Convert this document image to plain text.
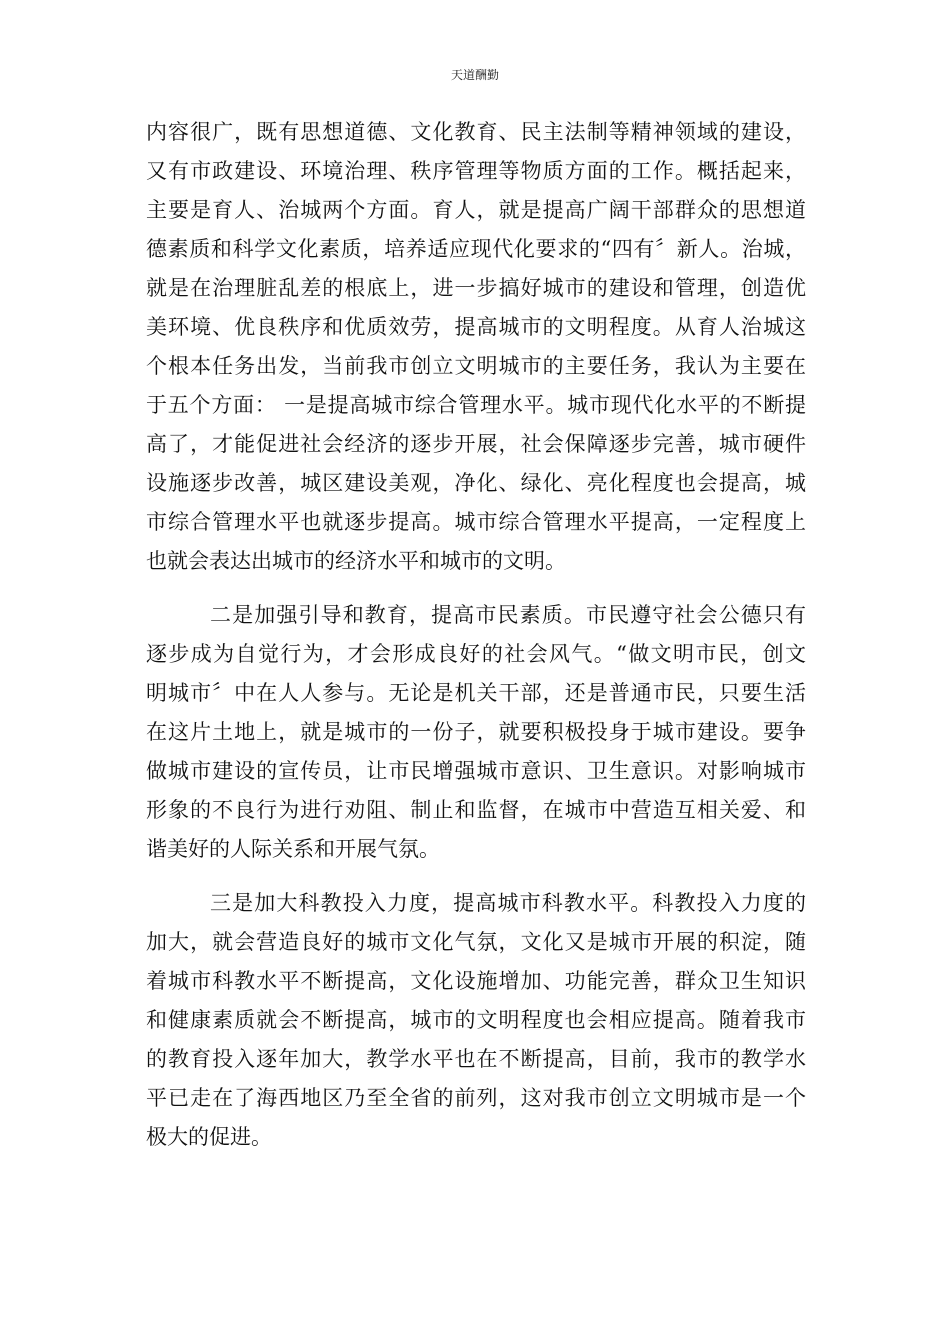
天道酬勤
内容很广，既有思想道德、文化教育、民主法制等精神领域的建设，
又有市政建设、环境治理、秩序管理等物质方面的工作。概括起来，
主要是育人、治城两个方面。育人，就是提高广阔干部群众的思想道
德素质和科学文化素质，培养适应现代化要求的“四有〞新人。治城，
就是在治理脏乱差的根底上，进一步搞好城市的建设和管理，创造优
美环境、优良秩序和优质效劳，提高城市的文明程度。从育人治城这
个根本任务出发，当前我市创立文明城市的主要任务，我认为主要在
于五个方面： 一是提高城市综合管理水平。城市现代化水平的不断提
高了，才能促进社会经济的逐步开展，社会保障逐步完善，城市硬件
设施逐步改善，城区建设美观，净化、绿化、亮化程度也会提高，城
市综合管理水平也就逐步提高。城市综合管理水平提高，一定程度上
也就会表达出城市的经济水平和城市的文明。
二是加强引导和教育，提高市民素质。市民遵守社会公德只有
逐步成为自觉行为，才会形成良好的社会风气。“做文明市民，创文
明城市〞中在人人参与。无论是机关干部，还是普通市民，只要生活
在这片土地上，就是城市的一份子，就要积极投身于城市建设。要争
做城市建设的宣传员，让市民增强城市意识、卫生意识。对影响城市
形象的不良行为进行劝阻、制止和监督，在城市中营造互相关爱、和
谐美好的人际关系和开展气氛。
三是加大科教投入力度，提高城市科教水平。科教投入力度的
加大，就会营造良好的城市文化气氛，文化又是城市开展的积淀，随
着城市科教水平不断提高，文化设施增加、功能完善，群众卫生知识
和健康素质就会不断提高，城市的文明程度也会相应提高。随着我市
的教育投入逐年加大，教学水平也在不断提高，目前，我市的教学水
平已走在了海西地区乃至全省的前列，这对我市创立文明城市是一个
极大的促进。
